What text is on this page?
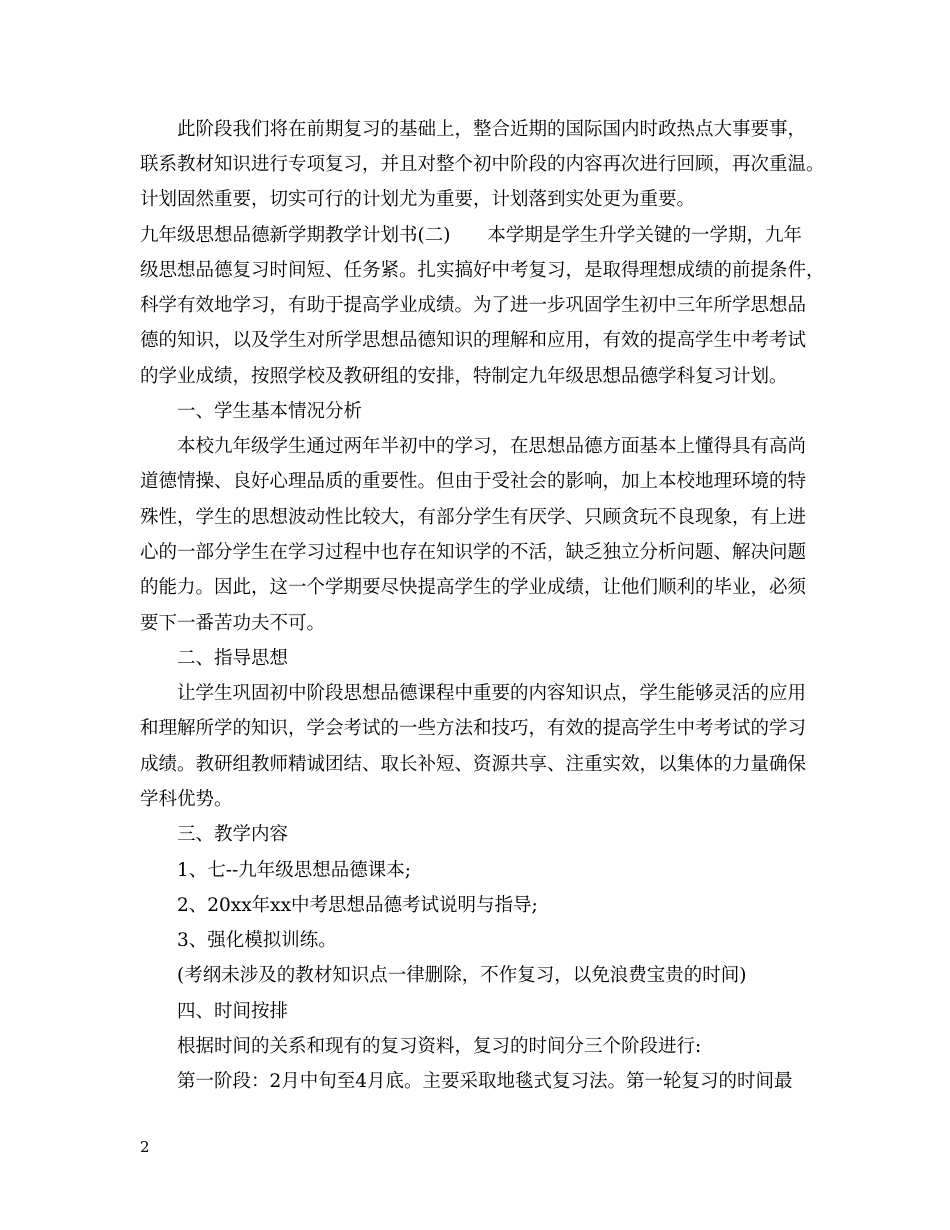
　　此阶段我们将在前期复习的基础上，整合近期的国际国内时政热点大事要事，
联系教材知识进行专项复习，并且对整个初中阶段的内容再次进行回顾，再次重温。
计划固然重要，切实可行的计划尤为重要，计划落到实处更为重要。
九年级思想品德新学期教学计划书(二)　　本学期是学生升学关键的一学期，九年
级思想品德复习时间短、任务紧。扎实搞好中考复习，是取得理想成绩的前提条件，
科学有效地学习，有助于提高学业成绩。为了进一步巩固学生初中三年所学思想品
德的知识，以及学生对所学思想品德知识的理解和应用，有效的提高学生中考考试
的学业成绩，按照学校及教研组的安排，特制定九年级思想品德学科复习计划。
　　一、学生基本情况分析
　　本校九年级学生通过两年半初中的学习，在思想品德方面基本上懂得具有高尚
道德情操、良好心理品质的重要性。但由于受社会的影响，加上本校地理环境的特
殊性，学生的思想波动性比较大，有部分学生有厌学、只顾贪玩不良现象，有上进
心的一部分学生在学习过程中也存在知识学的不活，缺乏独立分析问题、解决问题
的能力。因此，这一个学期要尽快提高学生的学业成绩，让他们顺利的毕业，必须
要下一番苦功夫不可。
　　二、指导思想
　　让学生巩固初中阶段思想品德课程中重要的内容知识点，学生能够灵活的应用
和理解所学的知识，学会考试的一些方法和技巧，有效的提高学生中考考试的学习
成绩。教研组教师精诚团结、取长补短、资源共享、注重实效，以集体的力量确保
学科优势。
　　三、教学内容
　　1、七--九年级思想品德课本;
　　2、20xx年xx中考思想品德考试说明与指导;
　　3、强化模拟训练。
　　(考纲未涉及的教材知识点一律删除，不作复习，以免浪费宝贵的时间)
　　四、时间按排
　　根据时间的关系和现有的复习资料，复习的时间分三个阶段进行:
　　第一阶段：2月中旬至4月底。主要采取地毯式复习法。第一轮复习的时间最
2
